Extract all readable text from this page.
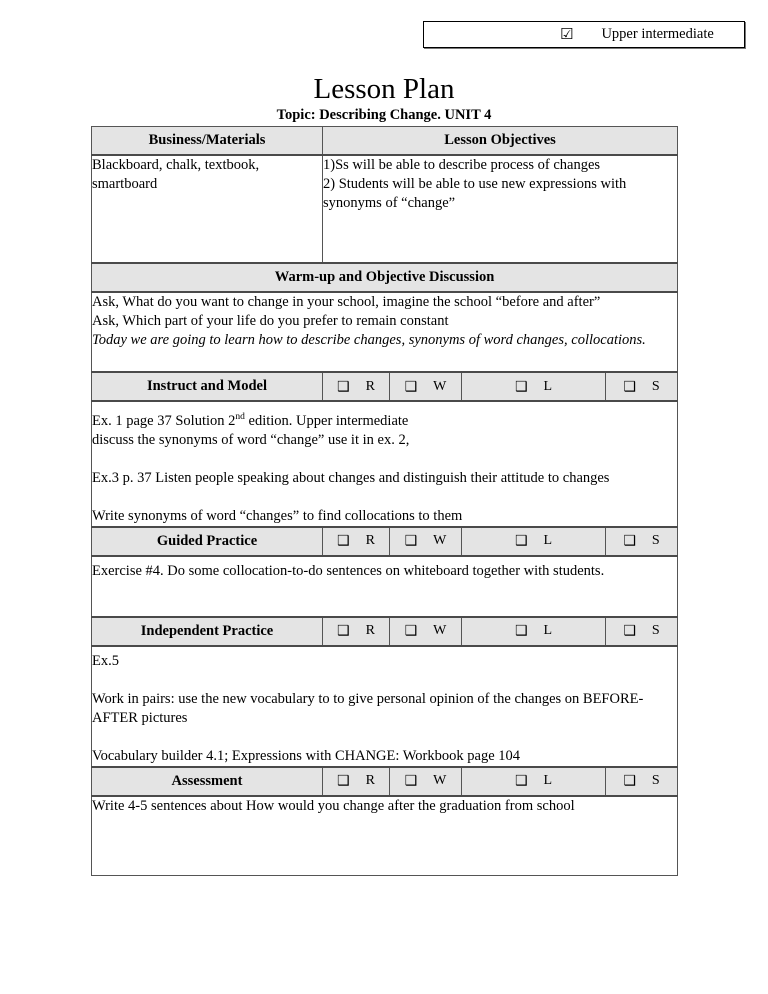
☑ Upper intermediate
Lesson Plan
Topic: Describing Change. UNIT 4
Business/Materials	Lesson Objectives			

Blackboard, chalk, textbook, smartboard	1)Ss will be able to describe process of changes

2) Students will be able to use new expressions with synonyms of “change”			

Warm-up and Objective Discussion				

Ask, What do you want to change in your school, imagine the school “before and after”

Ask, Which part of your life do you prefer to remain constant

Today we are going to learn how to describe changes, synonyms of word changes, collocations.				

Instruct and Model	❑ R	❑ W	❑ L	❑ S

Ex. 1 page 37 Solution 2nd edition. Upper intermediate

discuss the synonyms of word “change” use it in ex. 2,

Ex.3 p. 37 Listen people speaking about changes and distinguish their attitude to changes

Write synonyms of word “changes” to find collocations to them				

Guided Practice	❑ R	❑ W	❑ L	❑ S

Exercise #4. Do some collocation-to-do sentences on whiteboard together with students.				

Independent Practice	❑ R	❑ W	❑ L	❑ S

Ex.5

Work in pairs: use the new vocabulary to to give personal opinion of the changes on BEFORE-AFTER pictures

Vocabulary builder 4.1; Expressions with CHANGE: Workbook page 104				

Assessment	❑ R	❑ W	❑ L	❑ S

Write 4-5 sentences about How would you change after the graduation from school				
